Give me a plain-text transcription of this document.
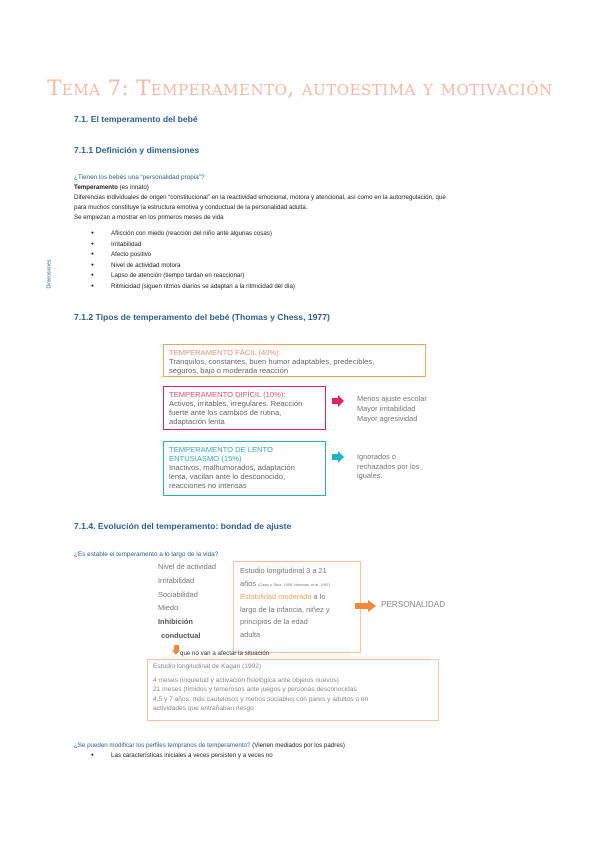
Tema 7: Temperamento, autoestima y motivación
7.1. El temperamento del bebé
7.1.1 Definición y dimensiones
¿Tienen los bebés una “personalidad propia”?
Temperamento (es innato)
Diferencias individuales de origen “constitucional” en la reactividad emocional, motora y atencional, así como en la autorregulación, que
para muchos constituye la estructura emotiva y conductual de la personalidad adulta.
Se empiezan a mostrar en los primeros meses de vida
Dimensiones
● Aflicción con miedo (reacción del niño ante algunas cosas)
● Irritabilidad
● Afecto positivo
● Nivel de actividad motora
● Lapso de atención (tiempo tardan en reaccionar)
● Ritmicidad (siguen ritmos diarios se adaptan a la ritmicidad del día)
7.1.2 Tipos de temperamento del bebé (Thomas y Chess, 1977)
TEMPERAMENTO FÁCIL (40%):
Tranquilos, constantes, buen humor adaptables, predecibles,
seguros, bajo o moderada reacción
TEMPERAMENTO DIFÍCIL (10%):
Activos, irritables, irregulares. Reacción
fuerte ante los cambios de rutina,
adaptación lenta
Menos ajuste escolar
Mayor irritabilidad
Mayor agresividad
TEMPERAMENTO DE LENTO
ENTUSIASMO (15%)
Inactivos, malhumorados, adaptación
lenta, vacilan ante lo desconocido,
reacciones no intensas
Ignorados o
rechazados por los
iguales.
7.1.4. Evolución del temperamento: bondad de ajuste
¿Es estable el temperamento a lo largo de la vida?
Nivel de actividad
Irritabilidad
Sociabilidad
Miedo
Inhibición
conductual
Estudio longitudinal 3 a 21
años (Caspi y Silva, 1995; Newman, et al, 1997)
Estabilidad moderada a lo
largo de la infancia, niñez y
principios de la edad
adulta
PERSONALIDAD
que no van a afectar la situación
Estudio longitudinal de Kagan (1992)
4 meses (inquietud y activación fisiológica ante objetos nuevos)
21 meses (tímidos y temerosos ante juegos y personas desconocidas
4,5 y 7 años: más cautelosos y menos sociables con pares y adultos o en
actividades que entrañaban riesgo
¿Se pueden modificar los perfiles tempranos de temperamento? (Vienen mediados por los padres)
● Las características iniciales a veces persisten y a veces no
